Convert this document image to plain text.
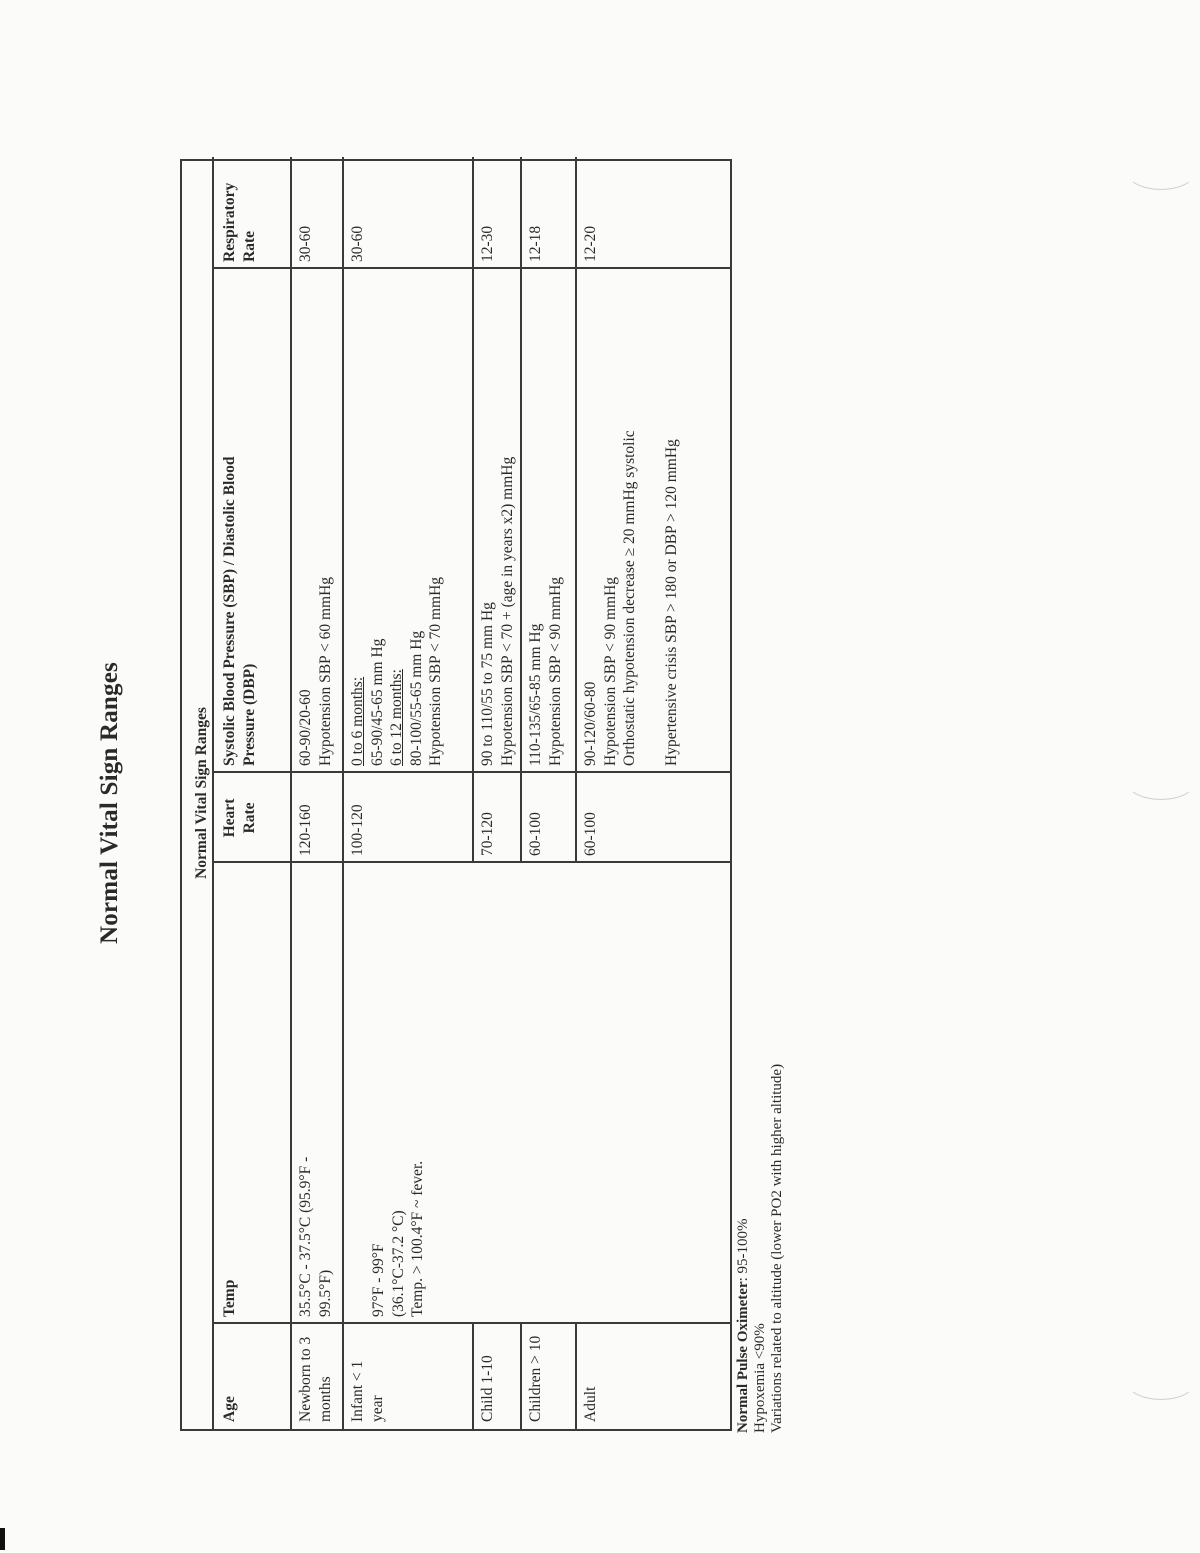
Normal Vital Sign Ranges	Normal Vital Sign Ranges
Age
Temp
Heart Rate
Systolic Blood Pressure (SBP) / Diastolic Blood Pressure (DBP)
Respiratory Rate
Newborn to 3 months
35.5°C - 37.5°C (95.9°F - 99.5°F)
120-160
60-90/20-60 Hypotension SBP < 60 mmHg
30-60
Infant < 1 year
97°F - 99°F (36.1°C-37.2 °C) Temp. > 100.4°F ~ fever.
100-120
0 to 6 months: 65-90/45-65 mm Hg 6 to 12 months: 80-100/55-65 mm Hg Hypotension SBP < 70 mmHg
30-60
Child 1-10
70-120
90 to 110/55 to 75 mm Hg Hypotension SBP < 70 + (age in years x2) mmHg
12-30
Children > 10
60-100
110-135/65-85 mm Hg Hypotension SBP < 90 mmHg
12-18
Adult
60-100
90-120/60-80 Hypotension SBP < 90 mmHg Orthostatic hypotension decrease ≥ 20 mmHg systolic Hypertensive crisis SBP > 180 or DBP > 120 mmHg
12-20
Normal Pulse Oximeter: 95-100%
Hypoxemia <90% Variations related to altitude (lower PO2 with higher altitude)
